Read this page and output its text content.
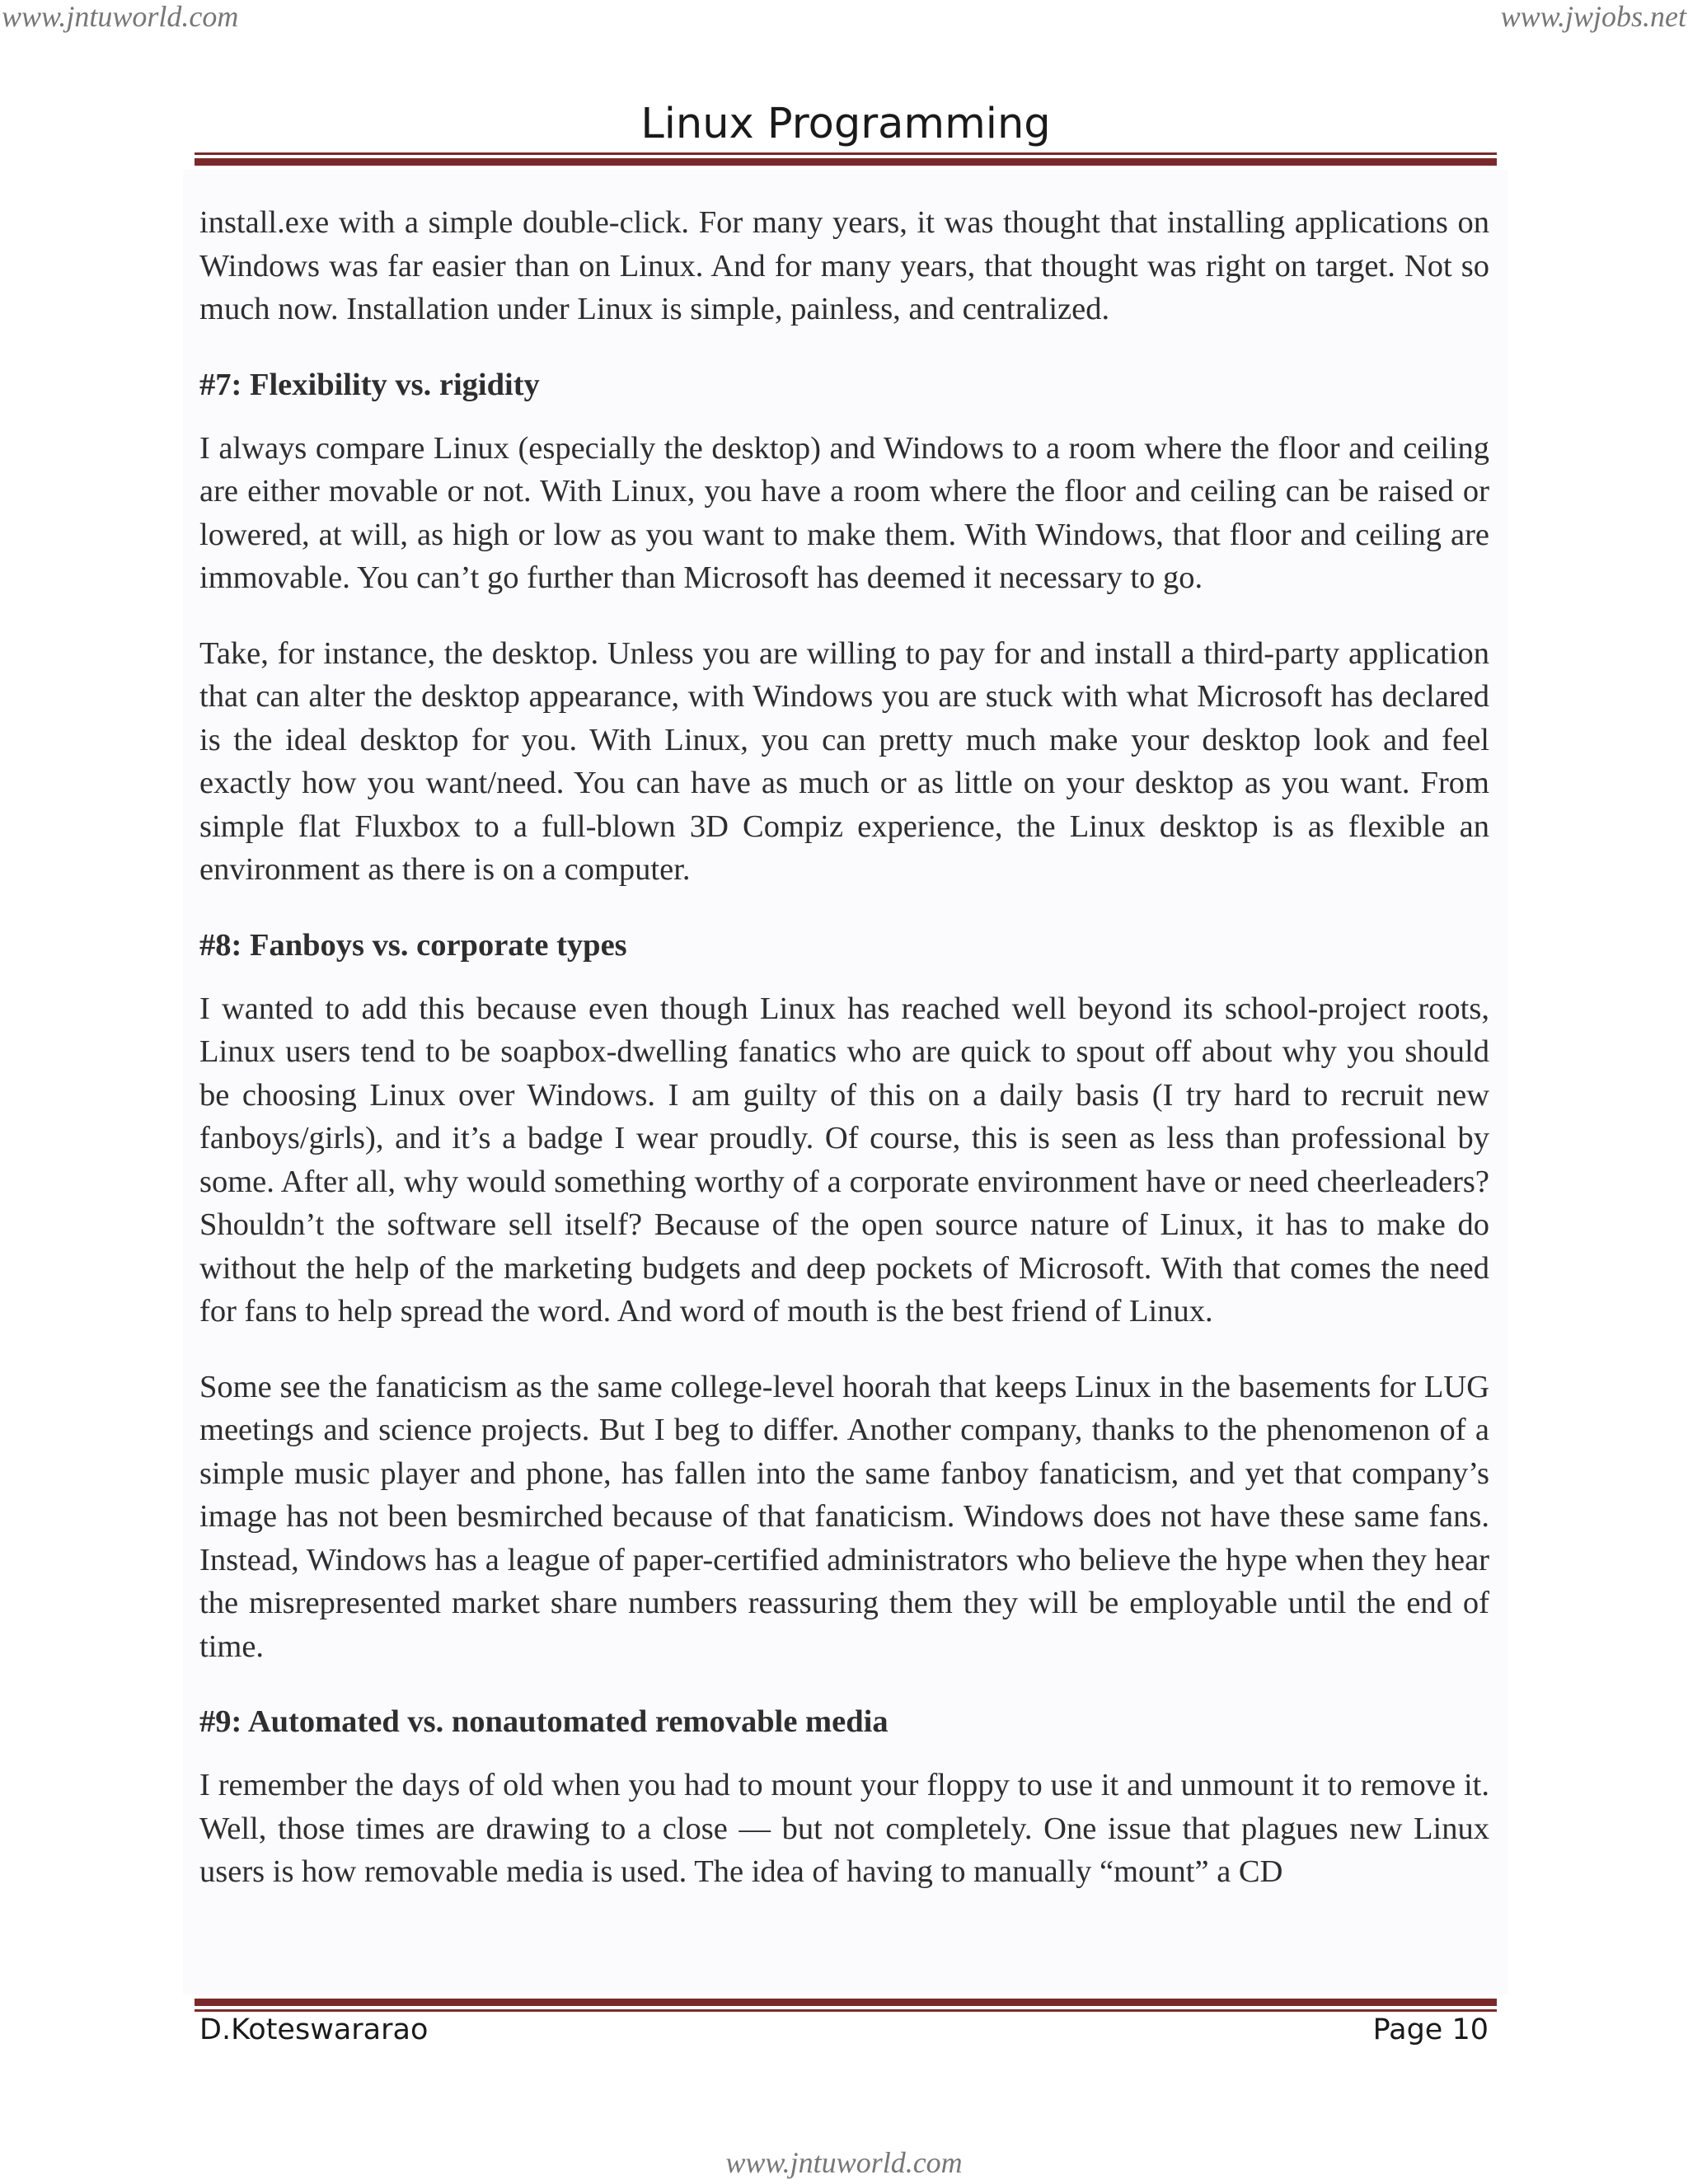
www.jntuworld.com	www.jwjobs.net
Linux Programming

install.exe with a simple double-click. For many years, it was thought that installing applications on Windows was far easier than on Linux. And for many years, that thought was right on target. Not so much now. Installation under Linux is simple, painless, and centralized.

#7: Flexibility vs. rigidity

I always compare Linux (especially the desktop) and Windows to a room where the floor and ceiling are either movable or not. With Linux, you have a room where the floor and ceiling can be raised or lowered, at will, as high or low as you want to make them. With Windows, that floor and ceiling are immovable. You can’t go further than Microsoft has deemed it necessary to go.

Take, for instance, the desktop. Unless you are willing to pay for and install a third-party application that can alter the desktop appearance, with Windows you are stuck with what Microsoft has declared is the ideal desktop for you. With Linux, you can pretty much make your desktop look and feel exactly how you want/need. You can have as much or as little on your desktop as you want. From simple flat Fluxbox to a full-blown 3D Compiz experience, the Linux desktop is as flexible an environment as there is on a computer.

#8: Fanboys vs. corporate types

I wanted to add this because even though Linux has reached well beyond its school-project roots, Linux users tend to be soapbox-dwelling fanatics who are quick to spout off about why you should be choosing Linux over Windows. I am guilty of this on a daily basis (I try hard to recruit new fanboys/girls), and it’s a badge I wear proudly. Of course, this is seen as less than professional by some. After all, why would something worthy of a corporate environment have or need cheerleaders? Shouldn’t the software sell itself? Because of the open source nature of Linux, it has to make do without the help of the marketing budgets and deep pockets of Microsoft. With that comes the need for fans to help spread the word. And word of mouth is the best friend of Linux.

Some see the fanaticism as the same college-level hoorah that keeps Linux in the basements for LUG meetings and science projects. But I beg to differ. Another company, thanks to the phenomenon of a simple music player and phone, has fallen into the same fanboy fanaticism, and yet that company’s image has not been besmirched because of that fanaticism. Windows does not have these same fans. Instead, Windows has a league of paper-certified administrators who believe the hype when they hear the misrepresented market share numbers reassuring them they will be employable until the end of time.

#9: Automated vs. nonautomated removable media

I remember the days of old when you had to mount your floppy to use it and unmount it to remove it. Well, those times are drawing to a close — but not completely. One issue that plagues new Linux users is how removable media is used. The idea of having to manually “mount” a CD

D.Koteswararao	Page 10
www.jntuworld.com
